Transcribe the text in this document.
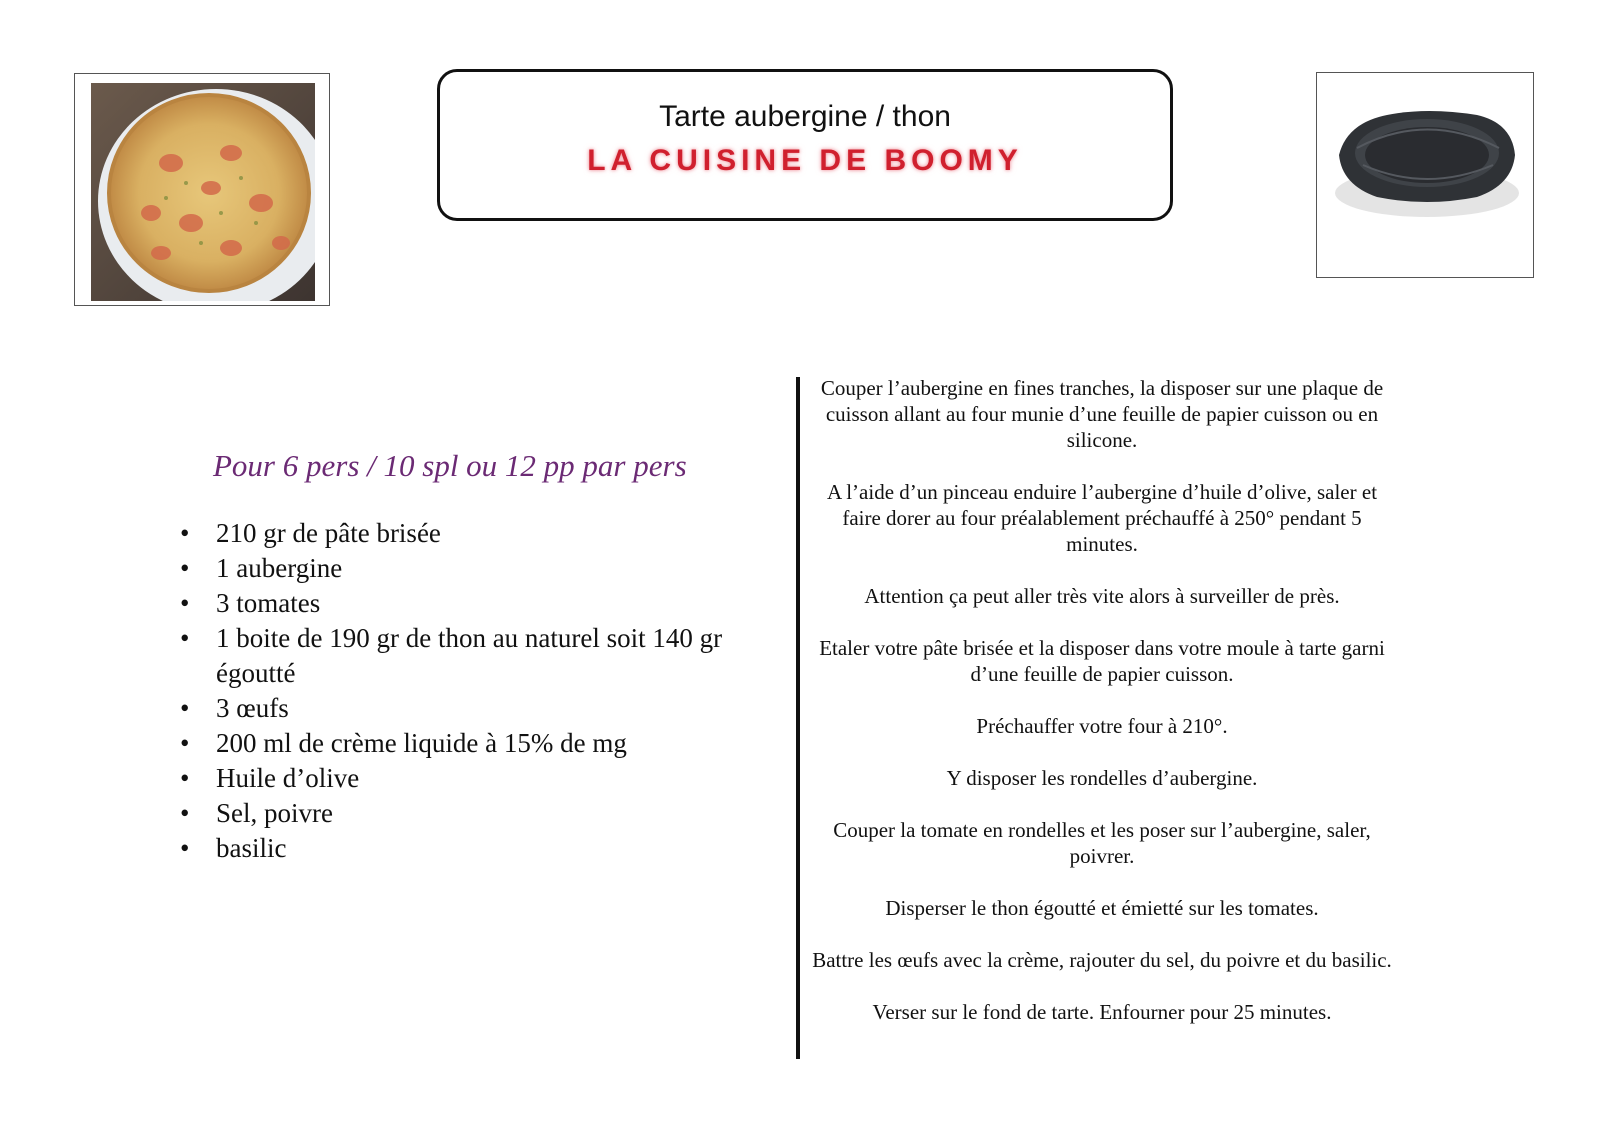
Tarte aubergine / thon
LA CUISINE DE BOOMY
Pour 6 pers / 10 spl ou 12 pp par pers
• 210 gr de pâte brisée
• 1 aubergine
• 3 tomates
• 1 boite de 190 gr de thon au naturel soit 140 gr égoutté
• 3 œufs
• 200 ml de crème liquide à 15% de mg
• Huile d’olive
• Sel, poivre
• basilic

Couper l’aubergine en fines tranches, la disposer sur une plaque de cuisson allant au four munie d’une feuille de papier cuisson ou en silicone.

A l’aide d’un pinceau enduire l’aubergine d’huile d’olive, saler et faire dorer au four préalablement préchauffé à 250° pendant 5 minutes.

Attention ça peut aller très vite alors à surveiller de près.

Etaler votre pâte brisée et la disposer dans votre moule à tarte garni d’une feuille de papier cuisson.

Préchauffer votre four à 210°.

Y disposer les rondelles d’aubergine.

Couper la tomate en rondelles et les poser sur l’aubergine, saler, poivrer.

Disperser le thon égoutté et émietté sur les tomates.

Battre les œufs avec la crème, rajouter du sel, du poivre et du basilic.

Verser sur le fond de tarte. Enfourner pour 25 minutes.
